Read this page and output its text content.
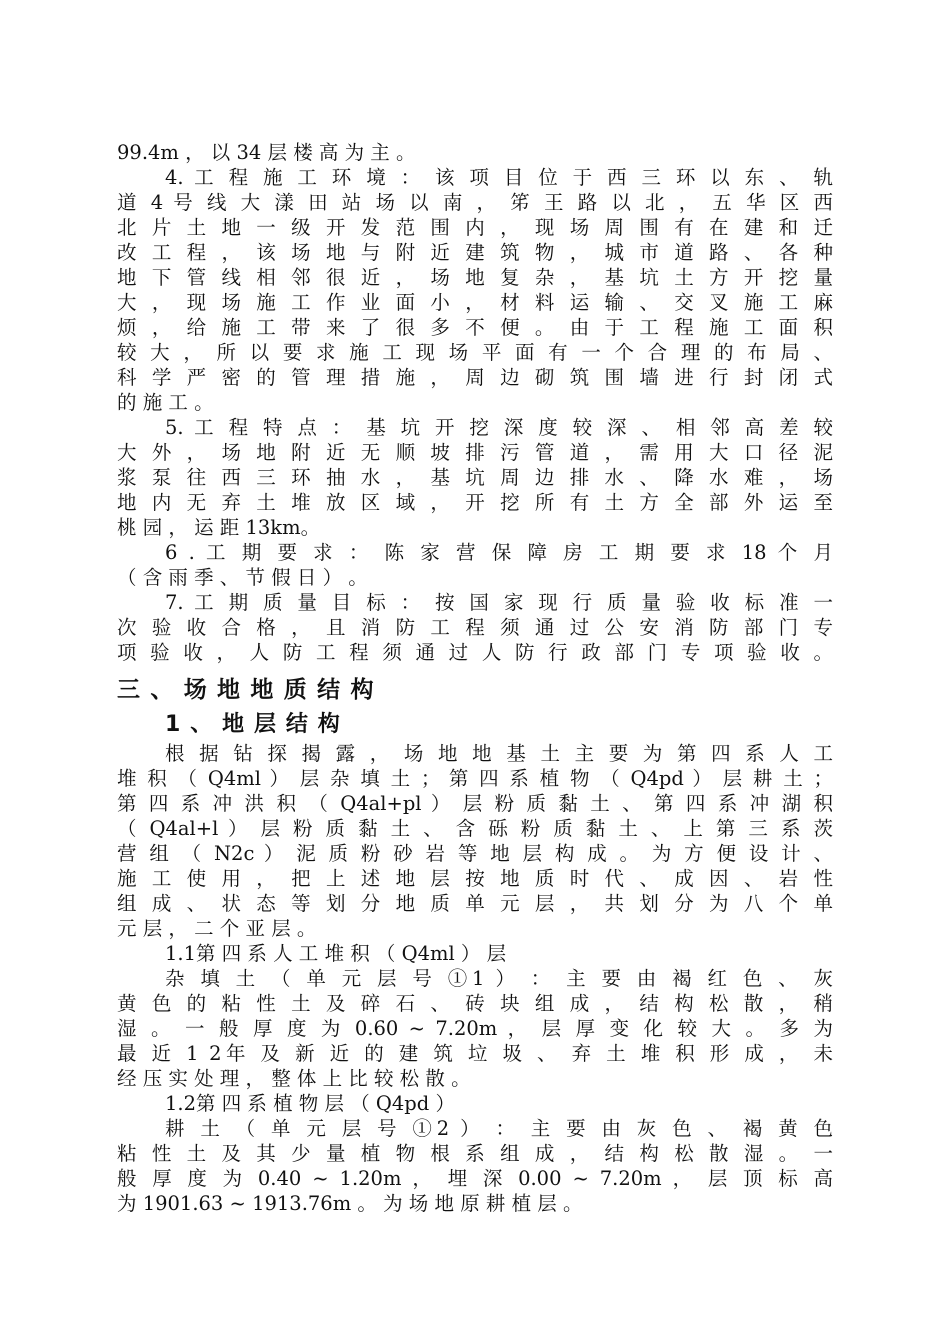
99.4m ， 以 34 层 楼 高 为 主 。

4. 工 程 施 工 环 境 ： 该 项 目 位 于 西 三 环 以 东 、 轨

道 4 号 线 大 漾 田 站 场 以 南 ， 笫 王 路 以 北 ， 五 华 区 西

北 片 土 地 一 级 开 发 范 围 内 ， 现 场 周 围 有 在 建 和 迁

改 工 程 ， 该 场 地 与 附 近 建 筑 物 ， 城 市 道 路 、 各 种

地 下 管 线 相 邻 很 近 ， 场 地 复 杂 ， 基 坑 土 方 开 挖 量

大 ， 现 场 施 工 作 业 面 小 ， 材 料 运 输 、 交 叉 施 工 麻

烦 ， 给 施 工 带 来 了 很 多 不 便 。 由 于 工 程 施 工 面 积

较 大 ， 所 以 要 求 施 工 现 场 平 面 有 一 个 合 理 的 布 局 、

科 学 严 密 的 管 理 措 施 ， 周 边 砌 筑 围 墙 进 行 封 闭 式

的 施 工 。

5. 工 程 特 点 ： 基 坑 开 挖 深 度 较 深 、 相 邻 高 差 较

大 外 ， 场 地 附 近 无 顺 坡 排 污 管 道 ， 需 用 大 口 径 泥

浆 泵 往 西 三 环 抽 水 ， 基 坑 周 边 排 水 、 降 水 难 ， 场

地 内 无 弃 土 堆 放 区 域 ， 开 挖 所 有 土 方 全 部 外 运 至

桃 园 ， 运 距 13km。

6 . 工 期 要 求 ： 陈 家 营 保 障 房 工 期 要 求 18 个 月

（ 含 雨 季 、 节 假 日 ） 。

7. 工 期 质 量 目 标 ： 按 国 家 现 行 质 量 验 收 标 准 一

次 验 收 合 格 ， 且 消 防 工 程 须 通 过 公 安 消 防 部 门 专

项 验 收 ， 人 防 工 程 须 通 过 人 防 行 政 部 门 专 项 验 收 。

三、场地地质结构
1、地层结构

根 据 钻 探 揭 露 ， 场 地 地 基 土 主 要 为 第 四 系 人 工

堆 积 （ Q4ml ） 层 杂 填 土 ； 第 四 系 植 物 （ Q4pd ） 层 耕 土 ；

第 四 系 冲 洪 积 （ Q4al+pl ） 层 粉 质 黏 土 、 第 四 系 冲 湖 积

（ Q4al+l ） 层 粉 质 黏 土 、 含 砾 粉 质 黏 土 、 上 第 三 系 茨

营 组 （ N2c ） 泥 质 粉 砂 岩 等 地 层 构 成 。 为 方 便 设 计 、

施 工 使 用 ， 把 上 述 地 层 按 地 质 时 代 、 成 因 、 岩 性

组 成 、 状 态 等 划 分 地 质 单 元 层 ， 共 划 分 为 八 个 单

元 层 ， 二 个 亚 层 。

1.1第 四 系 人 工 堆 积 （ Q4ml ） 层

杂 填 土 （ 单 元 层 号 ①1 ） ： 主 要 由 褐 红 色 、 灰

黄 色 的 粘 性 土 及 碎 石 、 砖 块 组 成 ， 结 构 松 散 ， 稍

湿 。 一 般 厚 度 为 0.60 ~ 7.20m ， 层 厚 变 化 较 大 。 多 为

最 近 1 2年 及 新 近 的 建 筑 垃 圾 、 弃 土 堆 积 形 成 ， 未

经 压 实 处 理 ， 整 体 上 比 较 松 散 。

1.2第 四 系 植 物 层 （ Q4pd ）

耕 土 （ 单 元 层 号 ①2 ） ： 主 要 由 灰 色 、 褐 黄 色

粘 性 土 及 其 少 量 植 物 根 系 组 成 ， 结 构 松 散 湿 。 一

般 厚 度 为 0.40 ~ 1.20m ， 埋 深 0.00 ~ 7.20m ， 层 顶 标 高

为 1901.63 ~ 1913.76m 。 为 场 地 原 耕 植 层 。
